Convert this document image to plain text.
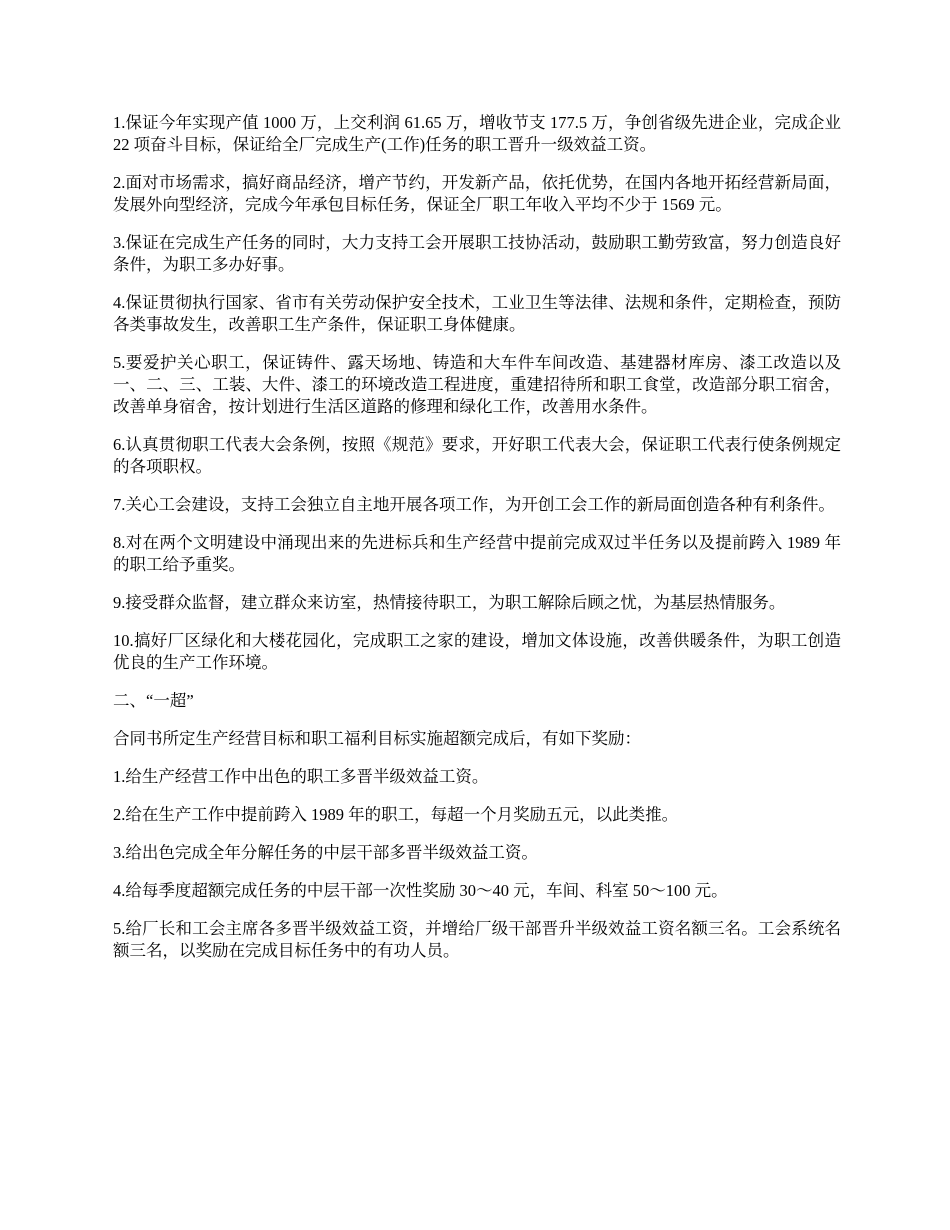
1.保证今年实现产值 1000 万，上交利润 61.65 万，增收节支 177.5 万，争创省级先进企业，完成企业 22 项奋斗目标，保证给全厂完成生产(工作)任务的职工晋升一级效益工资。

2.面对市场需求，搞好商品经济，增产节约，开发新产品，依托优势，在国内各地开拓经营新局面，发展外向型经济，完成今年承包目标任务，保证全厂职工年收入平均不少于 1569 元。

3.保证在完成生产任务的同时，大力支持工会开展职工技协活动，鼓励职工勤劳致富，努力创造良好条件，为职工多办好事。

4.保证贯彻执行国家、省市有关劳动保护安全技术，工业卫生等法律、法规和条件，定期检查，预防各类事故发生，改善职工生产条件，保证职工身体健康。

5.要爱护关心职工，保证铸件、露天场地、铸造和大车件车间改造、基建器材库房、漆工改造以及一、二、三、工装、大件、漆工的环境改造工程进度，重建招待所和职工食堂，改造部分职工宿舍，改善单身宿舍，按计划进行生活区道路的修理和绿化工作，改善用水条件。

6.认真贯彻职工代表大会条例，按照《规范》要求，开好职工代表大会，保证职工代表行使条例规定的各项职权。

7.关心工会建设，支持工会独立自主地开展各项工作，为开创工会工作的新局面创造各种有利条件。

8.对在两个文明建设中涌现出来的先进标兵和生产经营中提前完成双过半任务以及提前跨入 1989 年的职工给予重奖。

9.接受群众监督，建立群众来访室，热情接待职工，为职工解除后顾之忧，为基层热情服务。

10.搞好厂区绿化和大楼花园化，完成职工之家的建设，增加文体设施，改善供暖条件，为职工创造优良的生产工作环境。

二、“一超”

合同书所定生产经营目标和职工福利目标实施超额完成后，有如下奖励：

1.给生产经营工作中出色的职工多晋半级效益工资。

2.给在生产工作中提前跨入 1989 年的职工，每超一个月奖励五元，以此类推。

3.给出色完成全年分解任务的中层干部多晋半级效益工资。

4.给每季度超额完成任务的中层干部一次性奖励 30～40 元，车间、科室 50～100 元。

5.给厂长和工会主席各多晋半级效益工资，并增给厂级干部晋升半级效益工资名额三名。工会系统名额三名，以奖励在完成目标任务中的有功人员。
